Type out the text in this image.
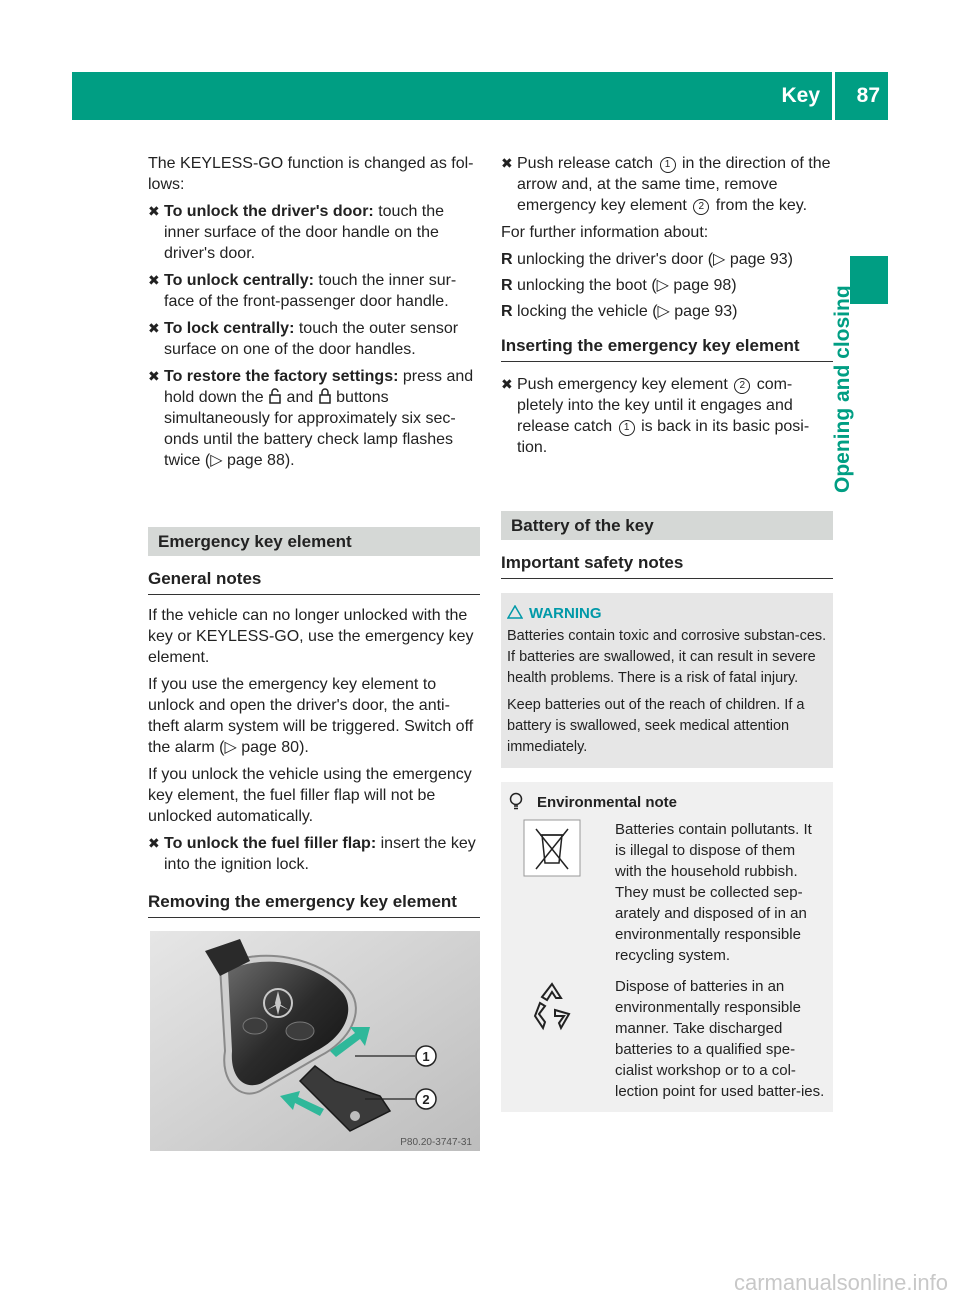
Key 87
Opening and closing

The KEYLESS-GO function is changed as fol-lows:

✖ To unlock the driver's door: touch the inner surface of the door handle on the driver's door.
✖ To unlock centrally: touch the inner sur-face of the front-passenger door handle.
✖ To lock centrally: touch the outer sensor surface on one of the door handles.
✖ To restore the factory settings: press and hold down the and buttons simultaneously for approximately six sec-onds until the battery check lamp flashes twice (▷ page 88).
Emergency key element
General notes

If the vehicle can no longer unlocked with the key or KEYLESS-GO, use the emergency key element.

If you use the emergency key element to unlock and open the driver's door, the anti-theft alarm system will be triggered. Switch off the alarm (▷ page 80).

If you unlock the vehicle using the emergency key element, the fuel filler flap will not be unlocked automatically.

✖ To unlock the fuel filler flap: insert the key into the ignition lock.
Removing the emergency key element
1
2
P80.20-3747-31
✖ Push release catch 1 in the direction of the arrow and, at the same time, remove emergency key element 2 from the key.

For further information about:

R unlocking the driver's door (▷ page 93)
R unlocking the boot (▷ page 98)
R locking the vehicle (▷ page 93)
Inserting the emergency key element
✖ Push emergency key element 2 com-pletely into the key until it engages and release catch 1 is back in its basic posi-tion.
Battery of the key
Important safety notes
WARNING

Batteries contain toxic and corrosive substan-ces. If batteries are swallowed, it can result in severe health problems. There is a risk of fatal injury.

Keep batteries out of the reach of children. If a battery is swallowed, seek medical attention immediately.

Environmental note
Batteries contain pollutants. It is illegal to dispose of them with the household rubbish. They must be collected sep-arately and disposed of in an environmentally responsible recycling system.
Dispose of batteries in an environmentally responsible manner. Take discharged batteries to a qualified spe-cialist workshop or to a col-lection point for used batter-ies.
carmanualsonline.info
